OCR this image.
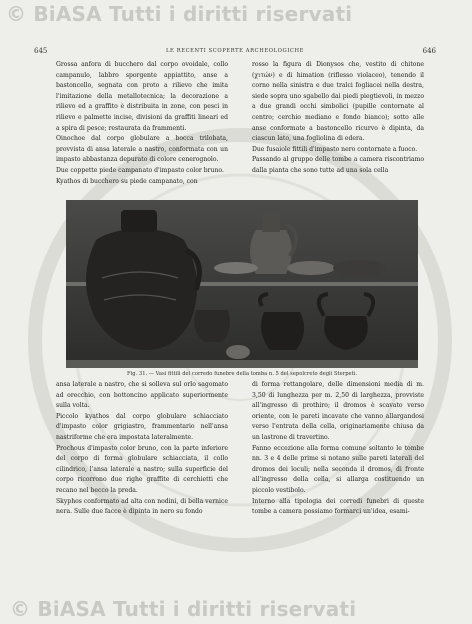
© BiASA Tutti i diritti riservati
645	LE RECENTI SCOPERTE ARCHEOLOGICHE	646

Grossa anfora di bucchero dal corpo ovoidale, collo campanulo, labbro sporgente appiattito, anse a bastoncello, segnata con proto a rilievo che imita l'imitazione della metallotecnica; la decorazione a rilievo ed a graffito è distribuita in zone, con pesci in rilievo e palmette incise, divisioni da graffiti lineari ed a spira di pesce; restaurata da frammenti.

Oinochoe dal corpo globulare a bocca trilobata, provvista di ansa laterale a nastro, conformata con un impasto abbastanza depurato di colore cenerognolo.

Due coppette piede campanato d'impasto color bruno.

Kyathos di bucchero su piede campanato, con

rosso la figura di Dionysos che, vestito di chitone (χιτών) e di himation (riflesso violaceo), tenendo il corno nella sinistra e due tralci fogliacei nella destra, siede sopra uno sgabello dai piedi piegtievoli, in mezzo a due grandi occhi simbolici (pupille contornate al centro; cerchio mediano e fondo bianco); sotto alle anse conformate a bastoncello ricurvo è dipinta, da ciascun lato, una fogliolina di edera.

Due fusaiole fittili d'impasto nero contornate a fuoco.

Passando al gruppo delle tombe a camera riscontriamo dalla pianta che sono tutte ad una sola cella

Fig. 31. — Vasi fittili del corredo funebre della tomba n. 5 del sepolcreto degli Sterpeti.

ansa laterale a nastro, che si solleva sul orlo sagomato ad orecchio, con bottoncino applicato superiormente sulla volta.

Piccolo kyathos dal corpo globulare schiacciato d'impasto color grigiastro, frammentario nell'ansa nastriforme che era impostata lateralmente.

Prochous d'impasto color bruno, con la parte inferiore del corpo di forma globulare schiacciata, il collo cilindrico, l'ansa laterale a nastro; sulla superficie del corpo ricorrono due righe graffite di cerchietti che recano nel becco la preda.

Skyphos conformato ad alta con nodini, di bella vernice nera. Sulle due facce è dipinta in nero su fondo

di forma rettangolare, delle dimensioni media di m. 3,50 di lunghezza per m. 2,50 di larghezza, provviste all'ingresso di prothiro; il dromos è scavato verso oriente, con le pareti incavate che vanno allargandosi verso l'entrata della cella, originariamente chiusa da un lastrone di travertino.

Fanno eccezione alla forma comune soltanto le tombe nn. 3 e 4 delle prime si notano sulle pareti laterali del dromos dei loculi; nella seconda il dromos, di fronte all'ingresso della cella, si allarga costituendo un piccolo vestibolo.

Interno alla tipologia dei corredi funebri di queste tombe a camera possiamo formarci un'idea, esami-

© BiASA Tutti i diritti riservati
